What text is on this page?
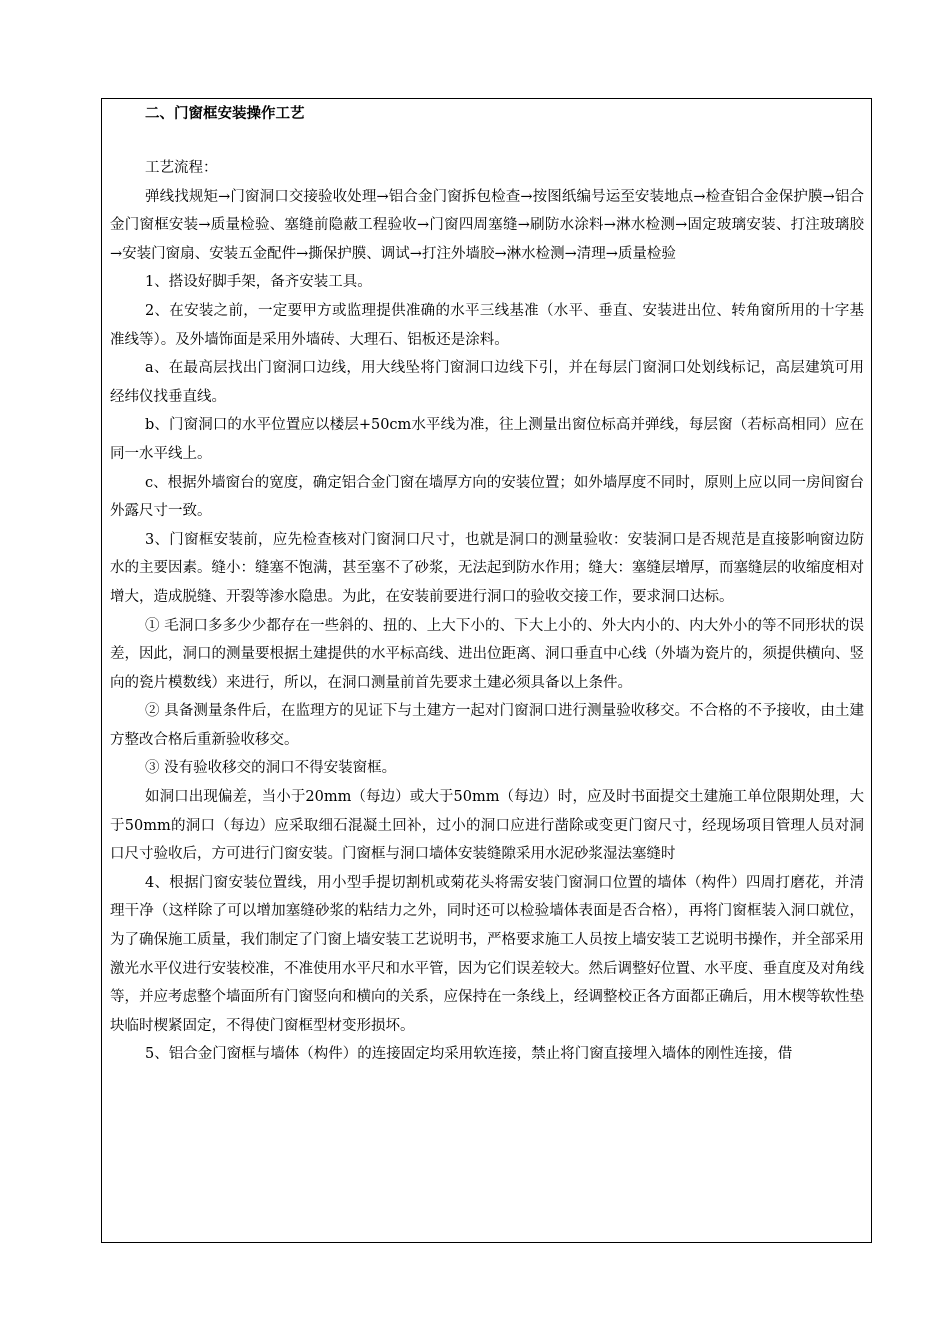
二、门窗框安装操作工艺

工艺流程：

弹线找规矩→门窗洞口交接验收处理→铝合金门窗拆包检查→按图纸编号运至安装地点→检查铝合金保护膜→铝合金门窗框安装→质量检验、塞缝前隐蔽工程验收→门窗四周塞缝→刷防水涂料→淋水检测→固定玻璃安装、打注玻璃胶→安装门窗扇、安装五金配件→撕保护膜、调试→打注外墙胶→淋水检测→清理→质量检验

1、搭设好脚手架，备齐安装工具。

2、在安装之前，一定要甲方或监理提供准确的水平三线基准（水平、垂直、安装进出位、转角窗所用的十字基准线等）。及外墙饰面是采用外墙砖、大理石、铝板还是涂料。

a、在最高层找出门窗洞口边线，用大线坠将门窗洞口边线下引，并在每层门窗洞口处划线标记，高层建筑可用经纬仪找垂直线。

b、门窗洞口的水平位置应以楼层+50cm水平线为准，往上测量出窗位标高并弹线，每层窗（若标高相同）应在同一水平线上。

c、根据外墙窗台的宽度，确定铝合金门窗在墙厚方向的安装位置；如外墙厚度不同时，原则上应以同一房间窗台外露尺寸一致。

3、门窗框安装前，应先检查核对门窗洞口尺寸，也就是洞口的测量验收：安装洞口是否规范是直接影响窗边防水的主要因素。缝小：缝塞不饱满，甚至塞不了砂浆，无法起到防水作用；缝大：塞缝层增厚，而塞缝层的收缩度相对增大，造成脱缝、开裂等渗水隐患。为此，在安装前要进行洞口的验收交接工作，要求洞口达标。

① 毛洞口多多少少都存在一些斜的、扭的、上大下小的、下大上小的、外大内小的、内大外小的等不同形状的误差，因此，洞口的测量要根据土建提供的水平标高线、进出位距离、洞口垂直中心线（外墙为瓷片的，须提供横向、竖向的瓷片模数线）来进行，所以，在洞口测量前首先要求土建必须具备以上条件。

② 具备测量条件后，在监理方的见证下与土建方一起对门窗洞口进行测量验收移交。不合格的不予接收，由土建方整改合格后重新验收移交。

③ 没有验收移交的洞口不得安装窗框。

如洞口出现偏差，当小于20mm（每边）或大于50mm（每边）时，应及时书面提交土建施工单位限期处理，大于50mm的洞口（每边）应采取细石混凝土回补，过小的洞口应进行凿除或变更门窗尺寸，经现场项目管理人员对洞口尺寸验收后，方可进行门窗安装。门窗框与洞口墙体安装缝隙采用水泥砂浆湿法塞缝时

4、根据门窗安装位置线，用小型手提切割机或菊花头将需安装门窗洞口位置的墙体（构件）四周打磨花，并清理干净（这样除了可以增加塞缝砂浆的粘结力之外，同时还可以检验墙体表面是否合格），再将门窗框装入洞口就位，为了确保施工质量，我们制定了门窗上墙安装工艺说明书，严格要求施工人员按上墙安装工艺说明书操作，并全部采用激光水平仪进行安装校准，不准使用水平尺和水平管，因为它们误差较大。然后调整好位置、水平度、垂直度及对角线等，并应考虑整个墙面所有门窗竖向和横向的关系，应保持在一条线上，经调整校正各方面都正确后，用木楔等软性垫块临时楔紧固定，不得使门窗框型材变形损坏。

5、铝合金门窗框与墙体（构件）的连接固定均采用软连接，禁止将门窗直接埋入墙体的刚性连接，借
